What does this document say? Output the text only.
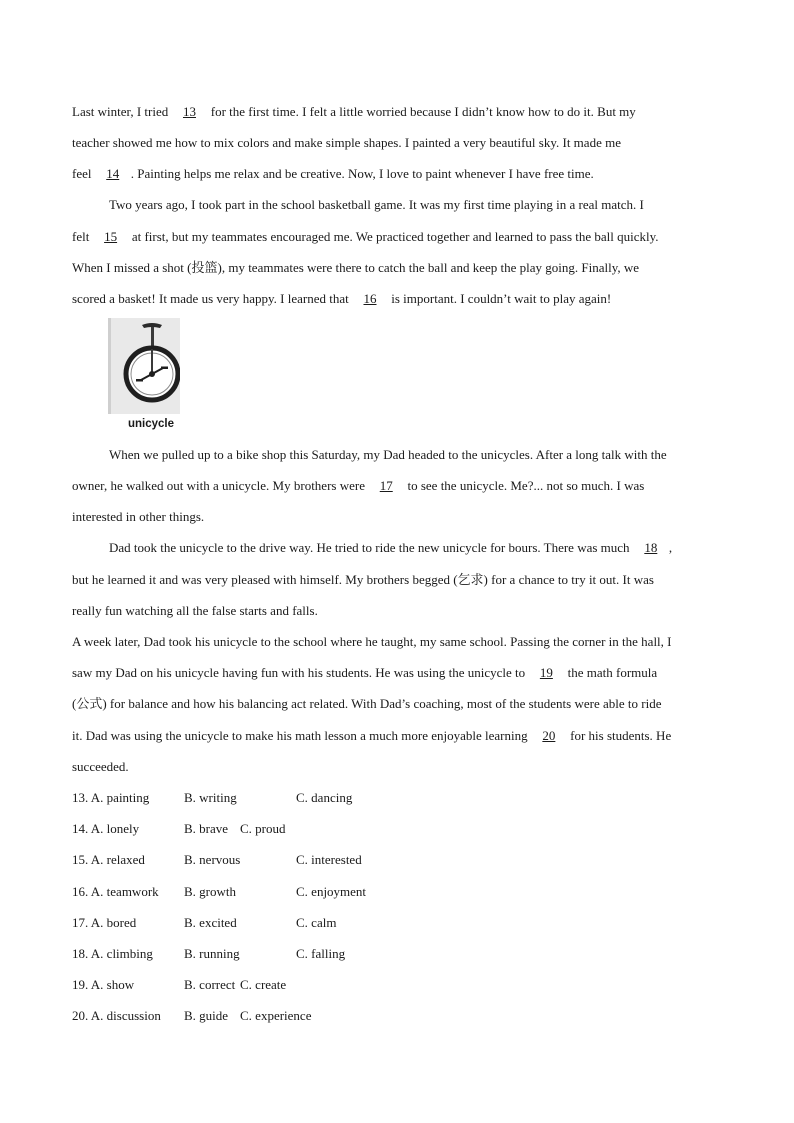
Last winter, I tried 13 for the first time. I felt a little worried because I didn’t know how to do it. But my
teacher showed me how to mix colors and make simple shapes. I painted a very beautiful sky. It made me
feel 14 . Painting helps me relax and be creative. Now, I love to paint whenever I have free time.
Two years ago, I took part in the school basketball game. It was my first time playing in a real match. I
felt 15 at first, but my teammates encouraged me. We practiced together and learned to pass the ball quickly.
When I missed a shot (投篮), my teammates were there to catch the ball and keep the play going. Finally, we
scored a basket! It made us very happy. I learned that 16 is important. I couldn’t wait to play again!
unicycle
When we pulled up to a bike shop this Saturday, my Dad headed to the unicycles. After a long talk with the
owner, he walked out with a unicycle. My brothers were 17 to see the unicycle. Me?... not so much. I was
interested in other things.
Dad took the unicycle to the drive way. He tried to ride the new unicycle for bours. There was much 18 ,
but he learned it and was very pleased with himself. My brothers begged (乞求) for a chance to try it out. It was
really fun watching all the false starts and falls.
A week later, Dad took his unicycle to the school where he taught, my same school. Passing the corner in the hall, I
saw my Dad on his unicycle having fun with his students. He was using the unicycle to 19 the math formula
(公式) for balance and how his balancing act related. With Dad’s coaching, most of the students were able to ride
it. Dad was using the unicycle to make his math lesson a much more enjoyable learning 20 for his students. He
succeeded.
13. A. painting	B. writing	C. dancing
14. A. lonely	B. brave C. proud
15. A. relaxed	B. nervous	C. interested
16. A. teamwork B. growth	C. enjoyment
17. A. bored	B. excited	C. calm
18. A. climbing B. running	C. falling
19. A. show	B. correct C. create
20. A. discussion B. guide C. experience
